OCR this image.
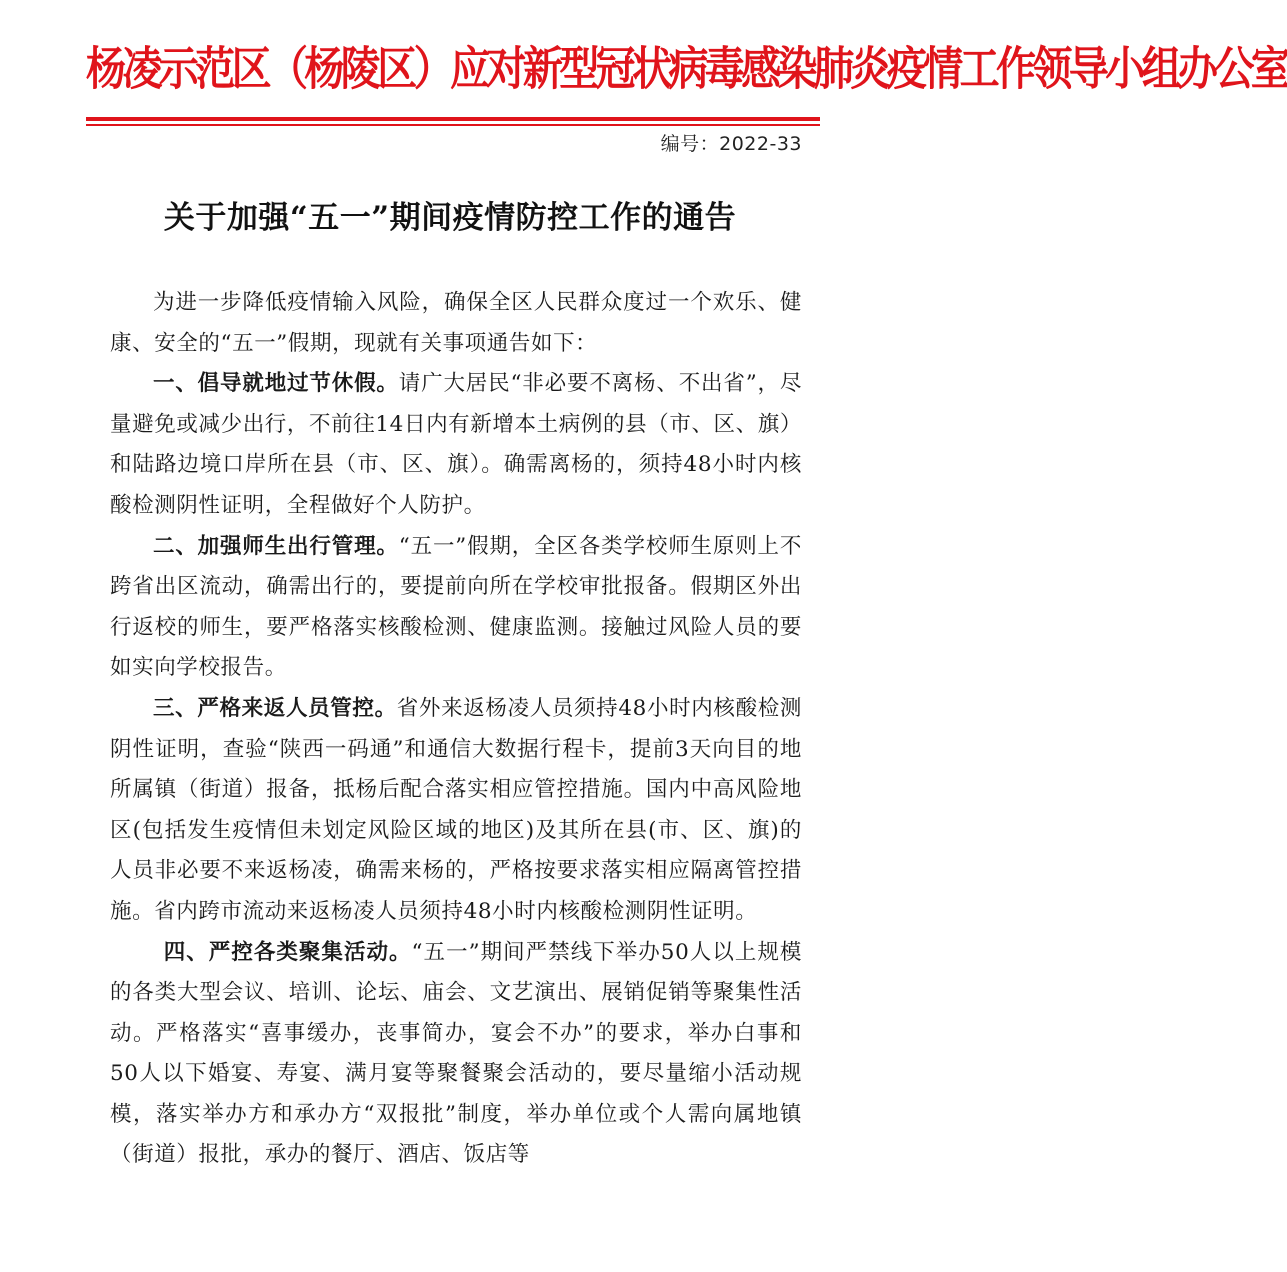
杨凌示范区（杨陵区）应对新型冠状病毒感染肺炎疫情工作领导小组办公室
编号：2022-33
关于加强“五一”期间疫情防控工作的通告

为进一步降低疫情输入风险，确保全区人民群众度过一个欢乐、健康、安全的“五一”假期，现就有关事项通告如下：

一、倡导就地过节休假。请广大居民“非必要不离杨、不出省”，尽量避免或减少出行，不前往14日内有新增本土病例的县（市、区、旗）和陆路边境口岸所在县（市、区、旗）。确需离杨的，须持48小时内核酸检测阴性证明，全程做好个人防护。

二、加强师生出行管理。“五一”假期，全区各类学校师生原则上不跨省出区流动，确需出行的，要提前向所在学校审批报备。假期区外出行返校的师生，要严格落实核酸检测、健康监测。接触过风险人员的要如实向学校报告。

三、严格来返人员管控。省外来返杨凌人员须持48小时内核酸检测阴性证明，查验“陕西一码通”和通信大数据行程卡，提前3天向目的地所属镇（街道）报备，抵杨后配合落实相应管控措施。国内中高风险地区(包括发生疫情但未划定风险区域的地区)及其所在县(市、区、旗)的人员非必要不来返杨凌，确需来杨的，严格按要求落实相应隔离管控措施。省内跨市流动来返杨凌人员须持48小时内核酸检测阴性证明。

四、严控各类聚集活动。“五一”期间严禁线下举办50人以上规模的各类大型会议、培训、论坛、庙会、文艺演出、展销促销等聚集性活动。严格落实“喜事缓办，丧事简办，宴会不办”的要求，举办白事和50人以下婚宴、寿宴、满月宴等聚餐聚会活动的，要尽量缩小活动规模，落实举办方和承办方“双报批”制度，举办单位或个人需向属地镇（街道）报批，承办的餐厅、酒店、饭店等
